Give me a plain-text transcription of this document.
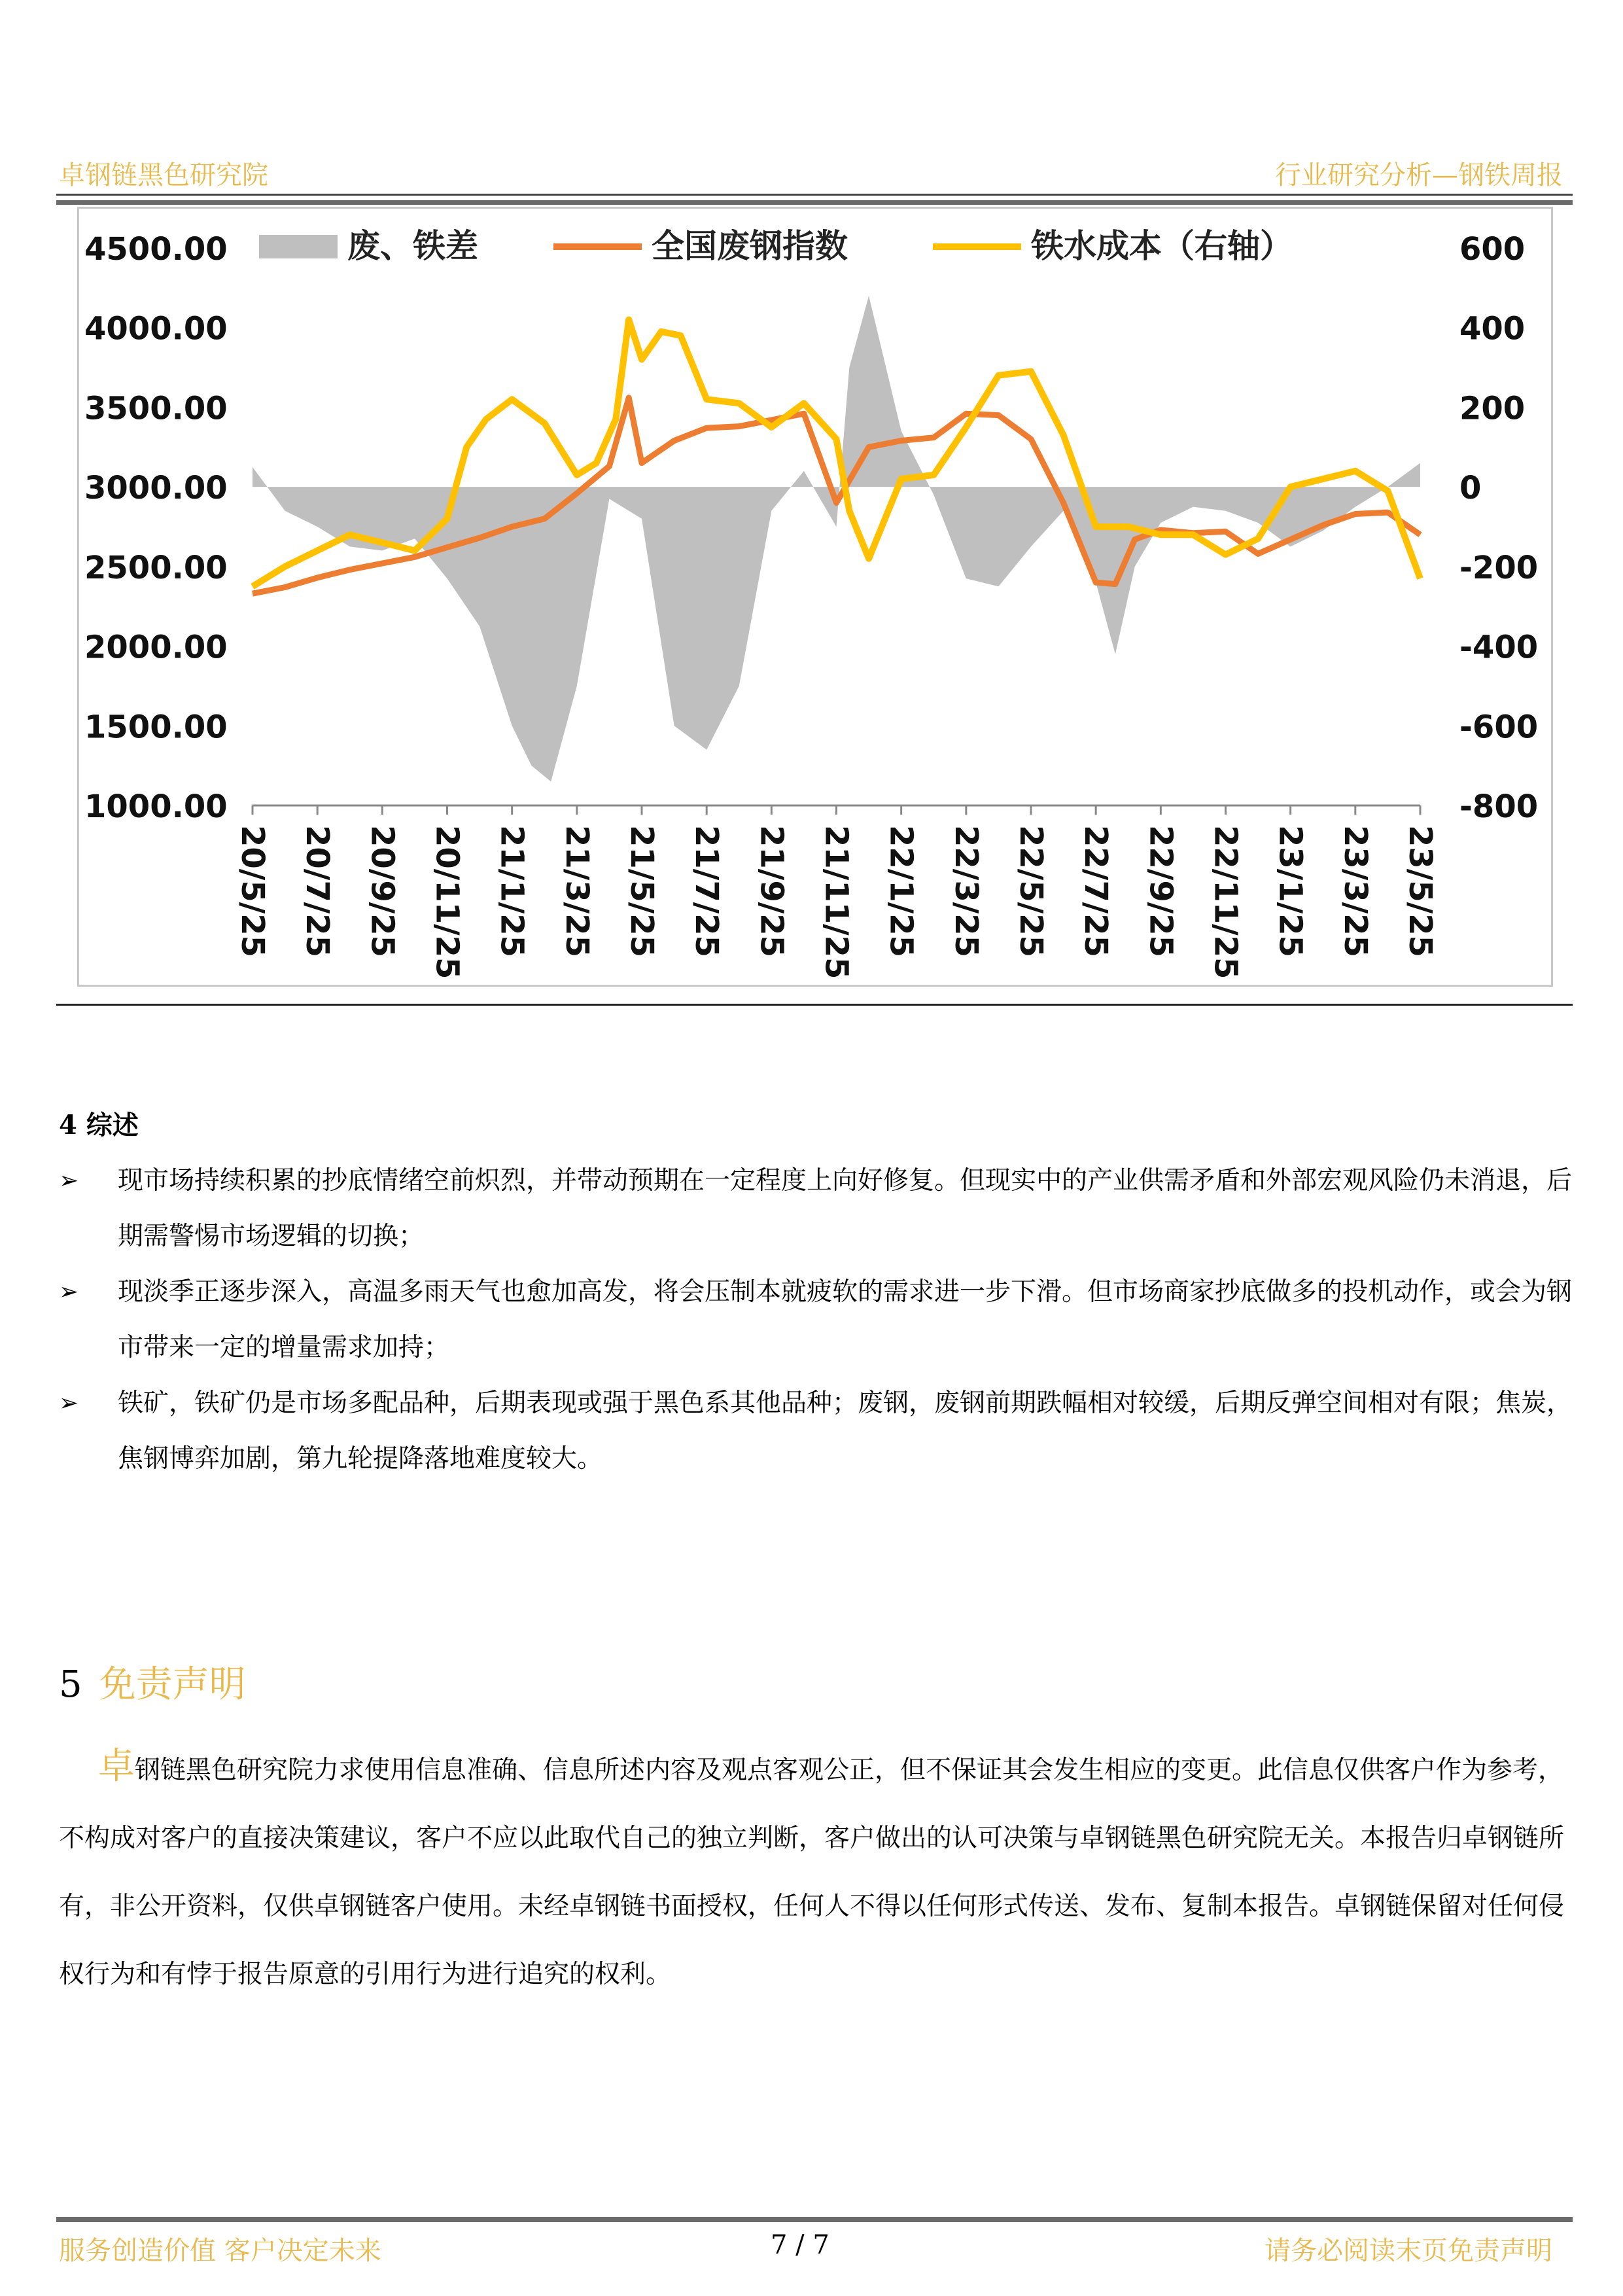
卓钢链黑色研究院	行业研究分析—钢铁周报
废、铁差	全国废钢指数	铁水成本（右轴）
4500.00
4000.00
3500.00
3000.00
2500.00
2000.00
1500.00
1000.00
600
400
200
0
-200
-400
-600
-800
20/5/25 20/7/25 20/9/25 20/11/25 21/1/25 21/3/25 21/5/25 21/7/25 21/9/25 21/11/25 22/1/25 22/3/25 22/5/25 22/7/25 22/9/25 22/11/25 23/1/25 23/3/25 23/5/25
4 综述
➢ 现市场持续积累的抄底情绪空前炽烈，并带动预期在一定程度上向好修复。但现实中的产业供需矛盾和外部宏观风险仍未消退，后期需警惕市场逻辑的切换；
➢ 现淡季正逐步深入，高温多雨天气也愈加高发，将会压制本就疲软的需求进一步下滑。但市场商家抄底做多的投机动作，或会为钢市带来一定的增量需求加持；
➢ 铁矿，铁矿仍是市场多配品种，后期表现或强于黑色系其他品种；废钢，废钢前期跌幅相对较缓，后期反弹空间相对有限；焦炭，焦钢博弈加剧，第九轮提降落地难度较大。
5 免责声明
卓钢链黑色研究院力求使用信息准确、信息所述内容及观点客观公正，但不保证其会发生相应的变更。此信息仅供客户作为参考，不构成对客户的直接决策建议，客户不应以此取代自己的独立判断，客户做出的认可决策与卓钢链黑色研究院无关。本报告归卓钢链所有，非公开资料，仅供卓钢链客户使用。未经卓钢链书面授权，任何人不得以任何形式传送、发布、复制本报告。卓钢链保留对任何侵权行为和有悖于报告原意的引用行为进行追究的权利。
服务创造价值 客户决定未来	7 / 7	请务必阅读末页免责声明
